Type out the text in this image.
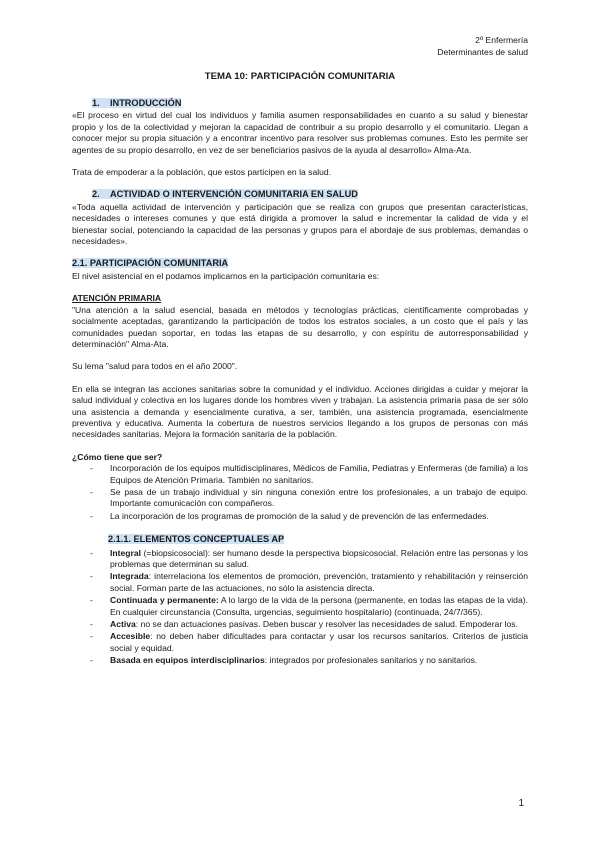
2º Enfermería
Determinantes de salud
TEMA 10: PARTICIPACIÓN COMUNITARIA
1. INTRODUCCIÓN

«El proceso en virtud del cual los individuos y familia asumen responsabilidades en cuanto a su salud y bienestar propio y los de la colectividad y mejoran la capacidad de contribuir a su propio desarrollo y el comunitario. Llegan a conocer mejor su propia situación y a encontrar incentivo para resolver sus problemas comunes. Esto les permite ser agentes de su propio desarrollo, en vez de ser beneficiarios pasivos de la ayuda al desarrollo» Alma-Ata.

Trata de empoderar a la población, que estos participen en la salud.

2. ACTIVIDAD O INTERVENCIÓN COMUNITARIA EN SALUD

«Toda aquella actividad de intervención y participación que se realiza con grupos que presentan características, necesidades o intereses comunes y que está dirigida a promover la salud e incrementar la calidad de vida y el bienestar social, potenciando la capacidad de las personas y grupos para el abordaje de sus problemas, demandas o necesidades».

2.1. PARTICIPACIÓN COMUNITARIA

El nivel asistencial en el podamos implicarnos en la participación comunitaria es:

ATENCIÓN PRIMARIA

"Una atención a la salud esencial, basada en métodos y tecnologías prácticas, científicamente comprobadas y socialmente aceptadas, garantizando la participación de todos los estratos sociales, a un costo que el país y las comunidades puedan soportar, en todas las etapas de su desarrollo, y con espíritu de autorresponsabilidad y determinación" Alma-Ata.

Su lema "salud para todos en el año 2000".

En ella se integran las acciones sanitarias sobre la comunidad y el individuo. Acciones dirigidas a cuidar y mejorar la salud individual y colectiva en los lugares donde los hombres viven y trabajan. La asistencia primaria pasa de ser sólo una asistencia a demanda y esencialmente curativa, a ser, también, una asistencia programada, esencialmente preventiva y educativa. Aumenta la cobertura de nuestros servicios llegando a los grupos de personas con más necesidades sanitarias. Mejora la formación sanitaria de la población.

¿Cómo tiene que ser?
- Incorporación de los equipos multidisciplinares, Médicos de Familia, Pediatras y Enfermeras (de familia) a los Equipos de Atención Primaria. También no sanitarios.
- Se pasa de un trabajo individual y sin ninguna conexión entre los profesionales, a un trabajo de equipo. Importante comunicación con compañeros.
- La incorporación de los programas de promoción de la salud y de prevención de las enfermedades.
2.1.1. ELEMENTOS CONCEPTUALES AP
- Integral (=biopsicosocial): ser humano desde la perspectiva biopsicosocial. Relación entre las personas y los problemas que determinan su salud.
- Integrada: interrelaciona los elementos de promoción, prevención, tratamiento y rehabilitación y reinserción social. Forman parte de las actuaciones, no sólo la asistencia directa.
- Continuada y permanente: A lo largo de la vida de la persona (permanente, en todas las etapas de la vida). En cualquier circunstancia (Consulta, urgencias, seguimiento hospitalario) (continuada, 24/7/365).
- Activa: no se dan actuaciones pasivas. Deben buscar y resolver las necesidades de salud. Empoderar los.
- Accesible: no deben haber dificultades para contactar y usar los recursos sanitarios. Criterios de justicia social y equidad.
- Basada en equipos interdisciplinarios: integrados por profesionales sanitarios y no sanitarios.
1
